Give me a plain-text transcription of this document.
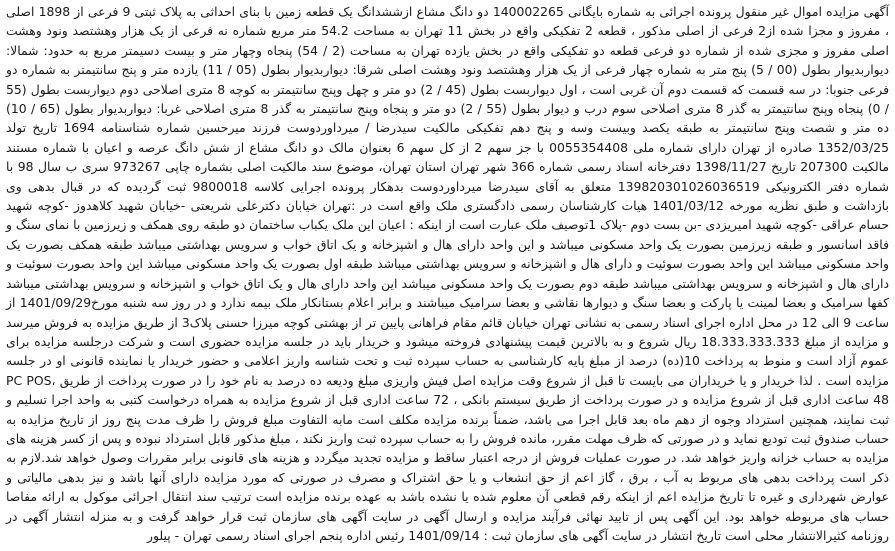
آگهی مزایده اموال غیر منقول پرونده اجرائی به شماره بایگانی 140002265 دو دانگ مشاع ازششدانگ یک قطعه زمین با بنای احداثی به پلاک ثبتی 9 فرعی از 1898 اصلی ، مفروز و مجزا شده از2 فرعی از اصلی مذکور ، قطعه 2 تفکیکی واقع در بخش 11 تهران به مساحت 54.2 متر مربع شماره نه فرعی از یک هزار وهشتصد ونود وهشت اصلی مفروز و مجزی شده از شماره دو فرعی قطعه دو تفکیکی واقع در بخش یازده تهران به مساحت (2 / 54) پنجاه وچهار متر و بیست دسیمتر مربع به حدود: شمالا: دیواربدیوار بطول (00 / 5) پنج متر به شماره چهار فرعی از یک هزار وهشتصد ونود وهشت اصلی شرقا: دیواربدیوار بطول (05 / 11) یازده متر و پنج سانتیمتر به شماره دو فرعی جنوبا: در سه قسمت که قسمت دوم آن غربی است ، اول دیواربست بطول (45 / 2) دو متر و چهل وپنج سانتیمتر به کوچه 8 متری اصلاحی دوم دیواربست بطول (55 / 0) پنجاه وپنج سانتیمتر به گذر 8 متری اصلاحی سوم درب و دیوار بطول (55 / 2) دو متر و پنجاه وپنج سانتیمتر به گذر 8 متری اصلاحی غربا: دیواربدیوار بطول (65 / 10) ده متر و شصت وپنج سانتیمتر به طبقه یکصد وبیست وسه و پنج دهم تفکیکی مالکیت سیدرضا / میرداوردوست فرزند میرحسین شماره شناسنامه 1694 تاریخ تولد 1352/03/25 صادره از تهران دارای شماره ملی 0055354408 با جز سهم 2 از کل سهم 6 بعنوان مالک دو دانگ مشاع از شش دانگ عرصه و اعیان با شماره مستند مالکیت 207300 تاریخ 1398/11/27 دفترخانه اسناد رسمی شماره 366 شهر تهران استان تهران، موضوع سند مالکیت اصلی بشماره چاپی 973267 سری ب سال 98 با شماره دفتر الکترونیکی 139820301026036519 متعلق به آقای سیدرضا میرداوردوست بدهکار پرونده اجرایی کلاسه 9800018 ثبت گردیده که در قبال بدهی وی بازداشت و طبق نظریه مورخه 1401/03/12 هیات کارشناسان رسمی دادگستری ملک واقع است در :تهران خیابان دکترعلی شریعتی -خیابان شهید کلاهدوز -کوچه شهید حسام عراقی -کوچه شهید امیریزدی -بن بست دوم -پلاک 1توصیف ملک عبارت است از اینکه : اعیان این ملک یکباب ساختمان دو طبقه روی همکف و زیرزمین با نمای سنگ و فاقد اسانسور و طبقه زیرزمین بصورت یک واحد مسکونی میباشد و این واحد دارای هال و اشپزخانه و یک اتاق خواب و سرویس بهداشتی میباشد طبقه همکف بصورت یک واحد مسکونی میباشد این واحد بصورت سوئیت و دارای هال و اشپزخانه و سرویس بهداشتی میباشد طبقه اول بصورت یک واحد مسکونی میباشد این واحد بصورت سوئیت و دارای هال و اشپزخانه و سرویس بهداشتی میباشد طبقه دوم بصورت یک واحد مسکونی میباشد این واحد دارای هال و یک اتاق خواب و اشپزخانه و سرویس بهداشتی میباشد کفها سرامیک و بعضا لمینت یا پارکت و بعضا سنگ و دیوارها نقاشی و بعضا سرامیک میباشند و برابر اعلام بستانکار ملک بیمه ندارد و در روز سه شنبه مورخ1401/09/29 از ساعت 9 الی 12 در محل اداره اجرای اسناد رسمی به نشانی تهران خیابان قائم مقام فراهانی پایین تر از بهشتی کوچه میرزا حسنی پلاک3 از طریق مزایده به فروش میرسد و مزایده از مبلغ 18.333.333.333 ریال شروع و به بالاترین قیمت پیشنهادی فروخته میشود و خریدار باید در جلسه مزایده حضوری است و شرکت درجلسه مزایده برای عموم آزاد است و منوط به پرداخت 10(ده) درصد از مبلغ پایه کارشناسی به حساب سپرده ثبت و تحت شناسه واریز اعلامی و حضور خریدار یا نماینده قانونی او در جلسه مزایده است . لذا خریدار و یا خریداران می بایست تا قبل از شروع وقت مزایده اصل فیش واریزی مبلغ ودیعه ده درصد به نام خود را در صورت پرداخت از طریق PC POS، 48 ساعت اداری قبل از شروع مزایده و در صورت پرداخت از طریق سیستم بانکی ، 72 ساعت اداری قبل از شروع مزایده به همراه درخواست کتبی به واحد اجرا تسلیم و ثبت نمایند، همچنین استرداد وجوه از دهم ماه بعد قابل اجرا می باشد، ضمناً برنده مزایده مکلف است مابه التفاوت مبلغ فروش را ظرف مدت پنج روز از تاریخ مزایده به حساب صندوق ثبت تودیع نماید و در صورتی که ظرف مهلت مقرر، مانده فروش را به حساب سپرده ثبت واریز نکند ، مبلغ مذکور قابل استرداد نبوده و پس از کسر هزینه های مزایده به حساب خزانه واریز خواهد شد. در صورت عملیات فروش از درجه اعتبار ساقط و مزایده تجدید میگردد و هزینه های قانونی برابر مقررات وصول خواهد شد.لازم به ذکر است پرداخت بدهی های مربوط به آب ، برق ، گاز اعم از حق انشعاب و یا حق اشتراک و مصرف در صورتی که مورد مزایده دارای آنها باشد و نیز بدهی مالیاتی و عوارض شهرداری و غیره تا تاریخ مزایده اعم از اینکه رقم قطعی آن معلوم شده یا نشده باشد به عهده برنده مزایده است ترتیب سند انتقال اجرائی موکول به ارائه مفاصا حساب های مربوطه خواهد بود. این آگهی پس از تایید نهائی فرآیند مزایده و ارسال آگهی در سایت آگهی های سازمان ثبت قرار خواهد گرفت و به منزله انتشار آگهی در روزنامه کثیرالانتشار محلی است تاریخ انتشار در سایت آگهی های سازمان ثبت : 1401/09/14 رئیس اداره پنجم اجرای اسناد رسمی تهران - پیلور
